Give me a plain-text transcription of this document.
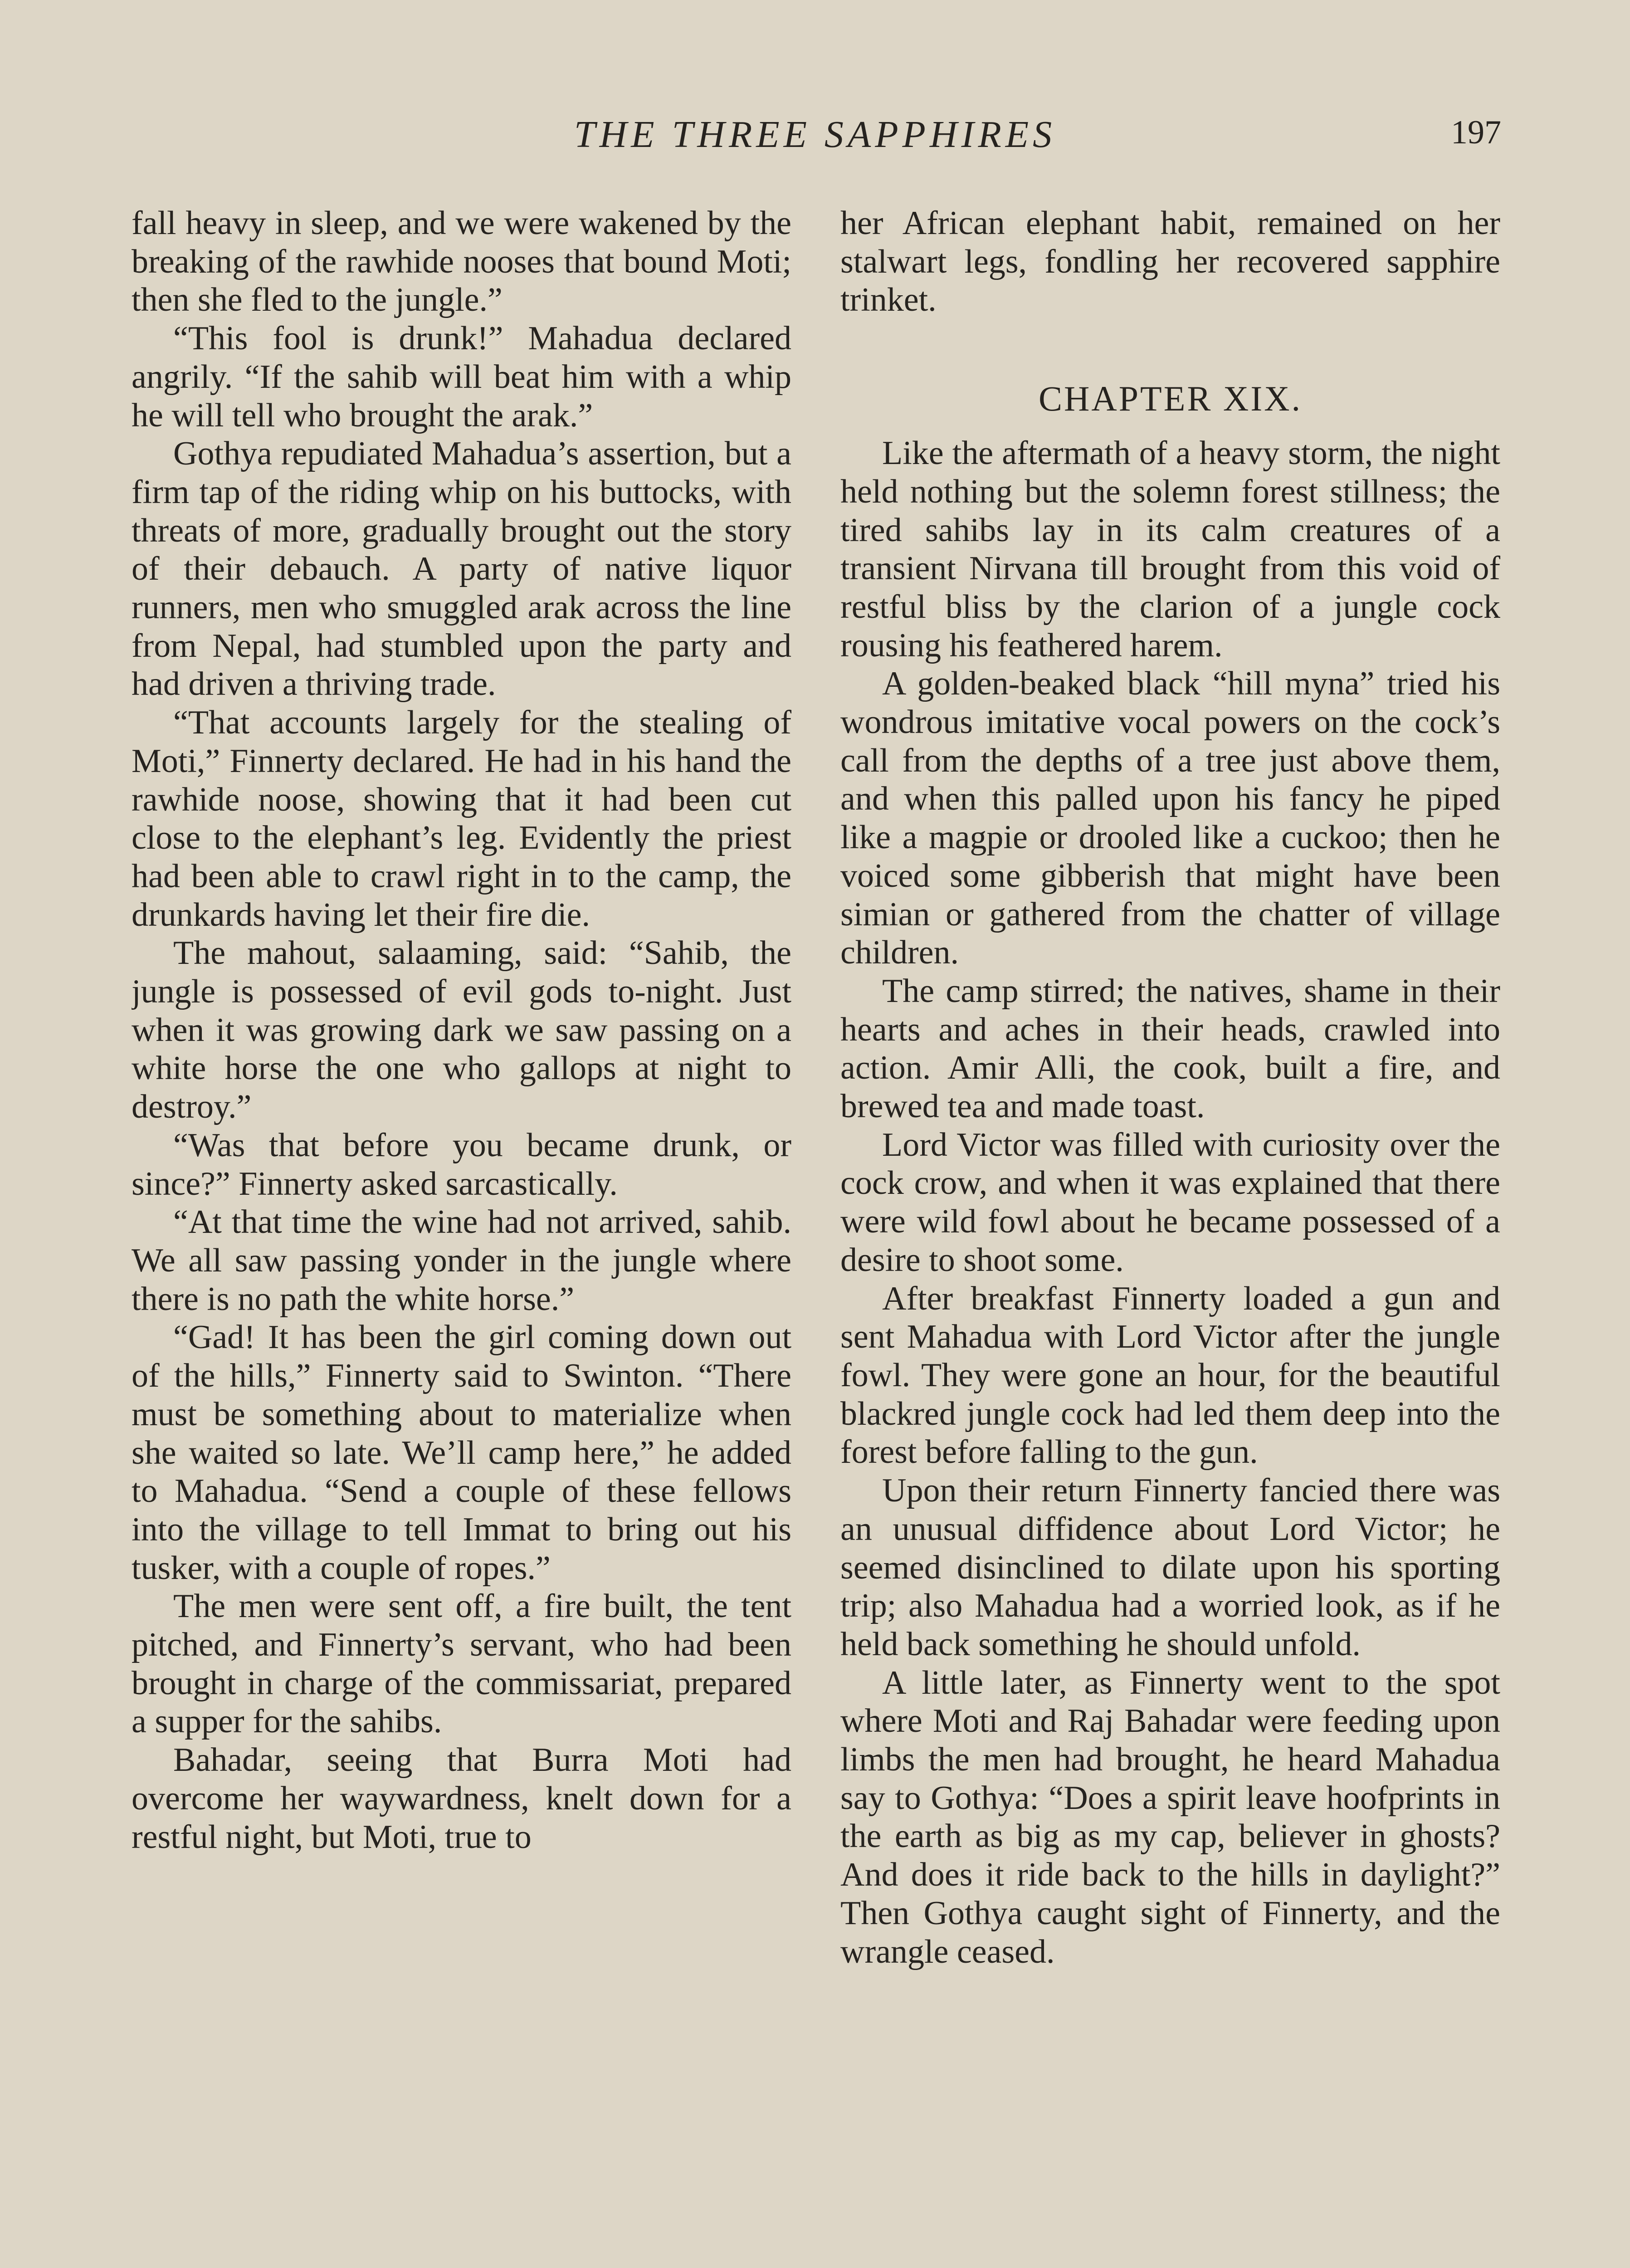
THE THREE SAPPHIRES	197

fall heavy in sleep, and we were wakened by the breaking of the rawhide nooses that bound Moti; then she fled to the jungle.”

“This fool is drunk!” Mahadua declared angrily. “If the sahib will beat him with a whip he will tell who brought the arak.”

Gothya repudiated Mahadua’s assertion, but a firm tap of the riding whip on his buttocks, with threats of more, gradually brought out the story of their debauch. A party of native liquor runners, men who smuggled arak across the line from Nepal, had stumbled upon the party and had driven a thriving trade.

“That accounts largely for the stealing of Moti,” Finnerty declared. He had in his hand the rawhide noose, showing that it had been cut close to the elephant’s leg. Evidently the priest had been able to crawl right in to the camp, the drunkards having let their fire die.

The mahout, salaaming, said: “Sahib, the jungle is possessed of evil gods to-night. Just when it was growing dark we saw passing on a white horse the one who gallops at night to destroy.”

“Was that before you became drunk, or since?” Finnerty asked sarcastically.

“At that time the wine had not arrived, sahib. We all saw passing yonder in the jungle where there is no path the white horse.”

“Gad! It has been the girl coming down out of the hills,” Finnerty said to Swinton. “There must be something about to materialize when she waited so late. We’ll camp here,” he added to Mahadua. “Send a couple of these fellows into the village to tell Immat to bring out his tusker, with a couple of ropes.”

The men were sent off, a fire built, the tent pitched, and Finnerty’s servant, who had been brought in charge of the commissariat, prepared a supper for the sahibs.

Bahadar, seeing that Burra Moti had overcome her waywardness, knelt down for a restful night, but Moti, true to

her African elephant habit, remained on her stalwart legs, fondling her recovered sapphire trinket.

CHAPTER XIX.

Like the aftermath of a heavy storm, the night held nothing but the solemn forest stillness; the tired sahibs lay in its calm creatures of a transient Nirvana till brought from this void of restful bliss by the clarion of a jungle cock rousing his feathered harem.

A golden-beaked black “hill myna” tried his wondrous imitative vocal powers on the cock’s call from the depths of a tree just above them, and when this palled upon his fancy he piped like a magpie or drooled like a cuckoo; then he voiced some gibberish that might have been simian or gathered from the chatter of village children.

The camp stirred; the natives, shame in their hearts and aches in their heads, crawled into action. Amir Alli, the cook, built a fire, and brewed tea and made toast.

Lord Victor was filled with curiosity over the cock crow, and when it was explained that there were wild fowl about he became possessed of a desire to shoot some.

After breakfast Finnerty loaded a gun and sent Mahadua with Lord Victor after the jungle fowl. They were gone an hour, for the beautiful blackred jungle cock had led them deep into the forest before falling to the gun.

Upon their return Finnerty fancied there was an unusual diffidence about Lord Victor; he seemed disinclined to dilate upon his sporting trip; also Mahadua had a worried look, as if he held back something he should unfold.

A little later, as Finnerty went to the spot where Moti and Raj Bahadar were feeding upon limbs the men had brought, he heard Mahadua say to Gothya: “Does a spirit leave hoofprints in the earth as big as my cap, believer in ghosts? And does it ride back to the hills in daylight?” Then Gothya caught sight of Finnerty, and the wrangle ceased.
